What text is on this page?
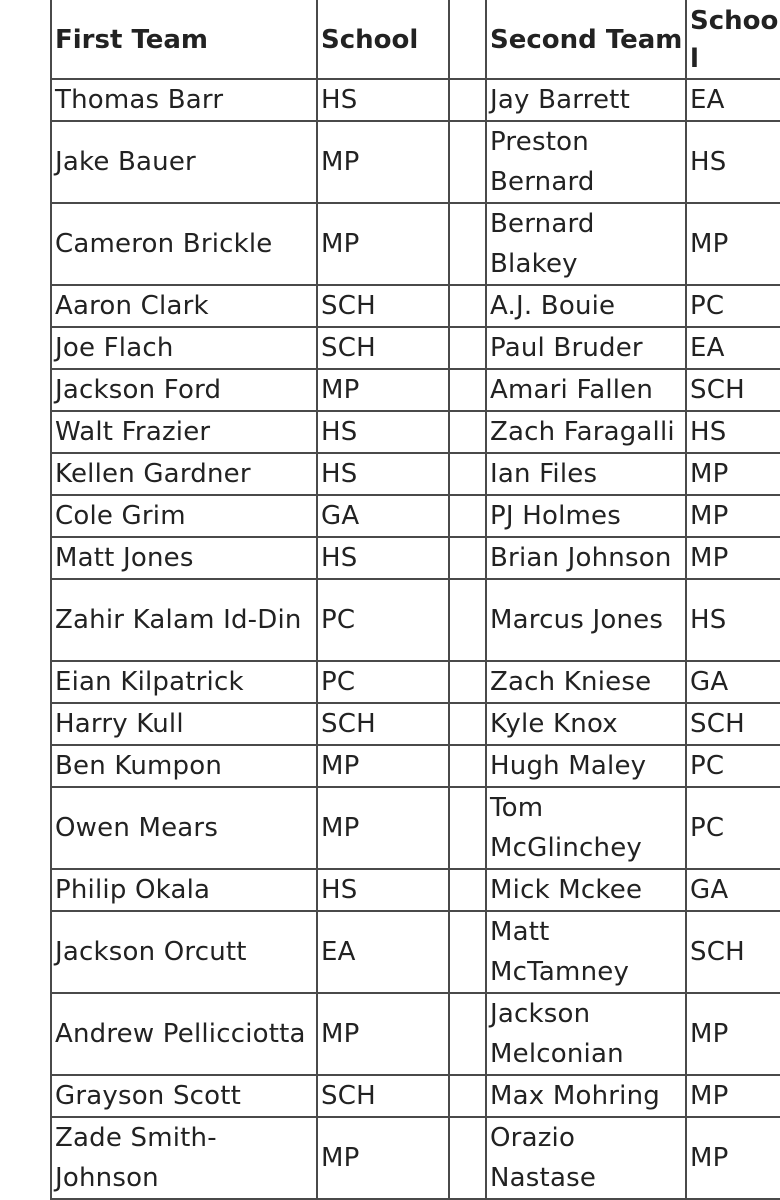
First Team	School		Second Team	School
Thomas Barr	HS		Jay Barrett	EA
Jake Bauer	MP		Preston Bernard	HS
Cameron Brickle	MP		Bernard Blakey	MP
Aaron Clark	SCH		A.J. Bouie	PC
Joe Flach	SCH		Paul Bruder	EA
Jackson Ford	MP		Amari Fallen	SCH
Walt Frazier	HS		Zach Faragalli	HS
Kellen Gardner	HS		Ian Files	MP
Cole Grim	GA		PJ Holmes	MP
Matt Jones	HS		Brian Johnson	MP
Zahir Kalam Id-Din	PC		Marcus Jones	HS
Eian Kilpatrick	PC		Zach Kniese	GA
Harry Kull	SCH		Kyle Knox	SCH
Ben Kumpon	MP		Hugh Maley	PC
Owen Mears	MP		Tom McGlinchey	PC
Philip Okala	HS		Mick Mckee	GA
Jackson Orcutt	EA		Matt McTamney	SCH
Andrew Pellicciotta	MP		Jackson Melconian	MP
Grayson Scott	SCH		Max Mohring	MP
Zade Smith-Johnson	MP		Orazio Nastase	MP
